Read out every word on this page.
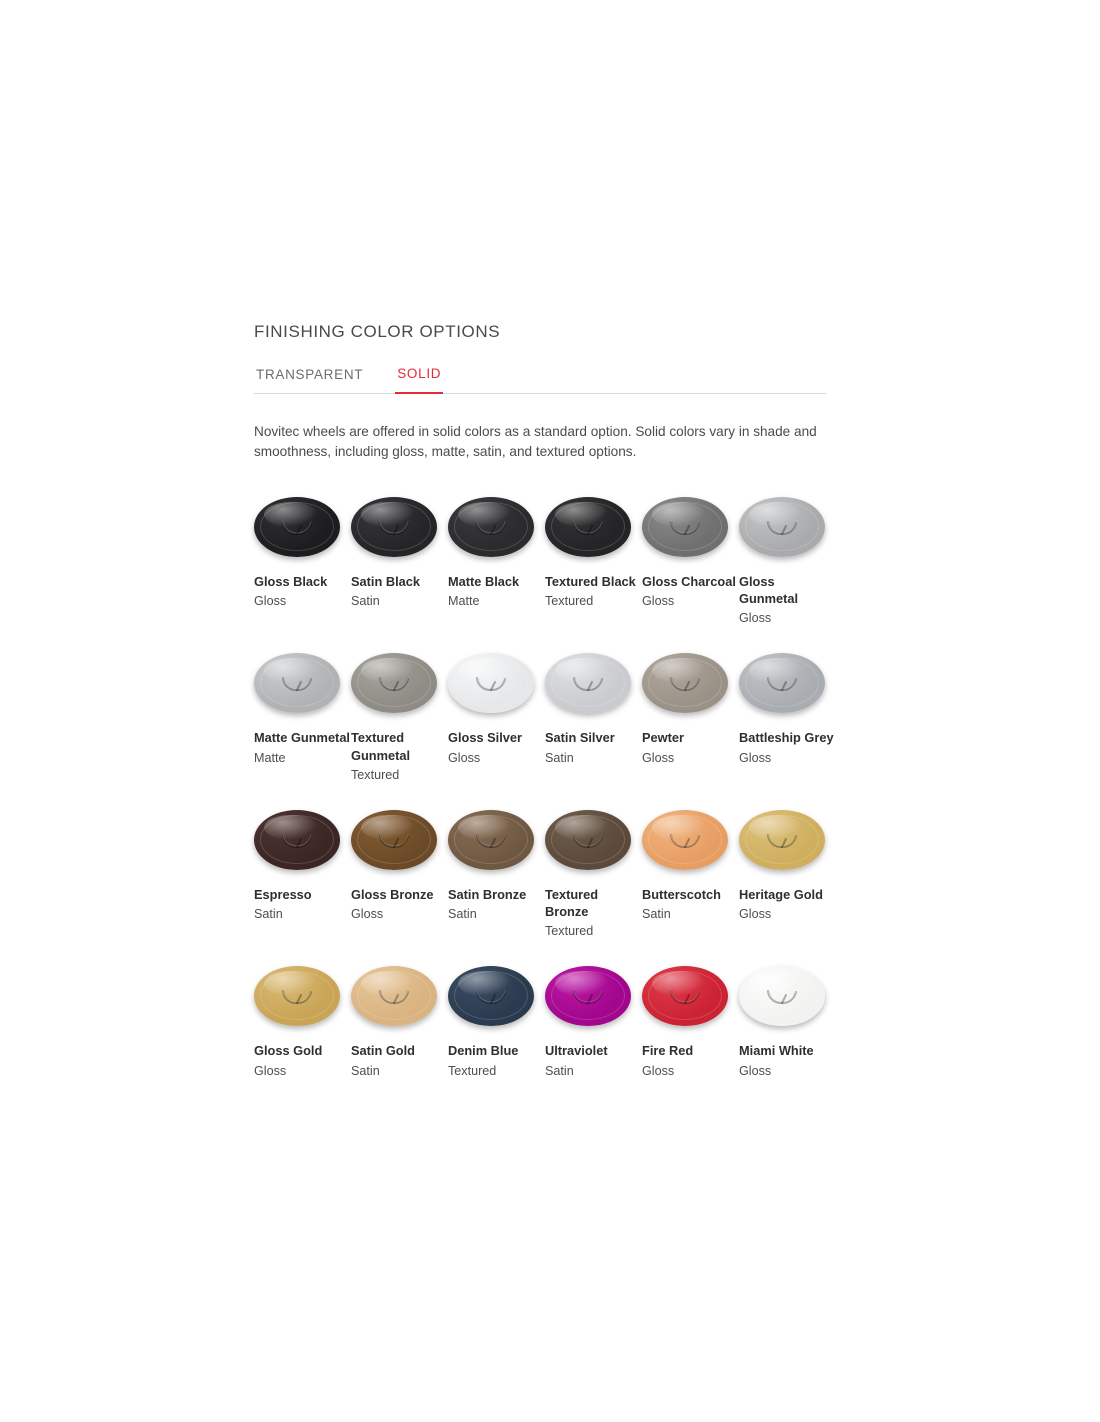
FINISHING COLOR OPTIONS
TRANSPARENT	SOLID

Novitec wheels are offered in solid colors as a standard option. Solid colors vary in shade and smoothness, including gloss, matte, satin, and textured options.

Gloss Black
Gloss
Satin Black
Satin
Matte Black
Matte
Textured Black
Textured
Gloss Charcoal
Gloss
Gloss Gunmetal
Gloss
Matte Gunmetal
Matte
Textured Gunmetal
Textured
Gloss Silver
Gloss
Satin Silver
Satin
Pewter
Gloss
Battleship Grey
Gloss
Espresso
Satin
Gloss Bronze
Gloss
Satin Bronze
Satin
Textured Bronze
Textured
Butterscotch
Satin
Heritage Gold
Gloss
Gloss Gold
Gloss
Satin Gold
Satin
Denim Blue
Textured
Ultraviolet
Satin
Fire Red
Gloss
Miami White
Gloss
